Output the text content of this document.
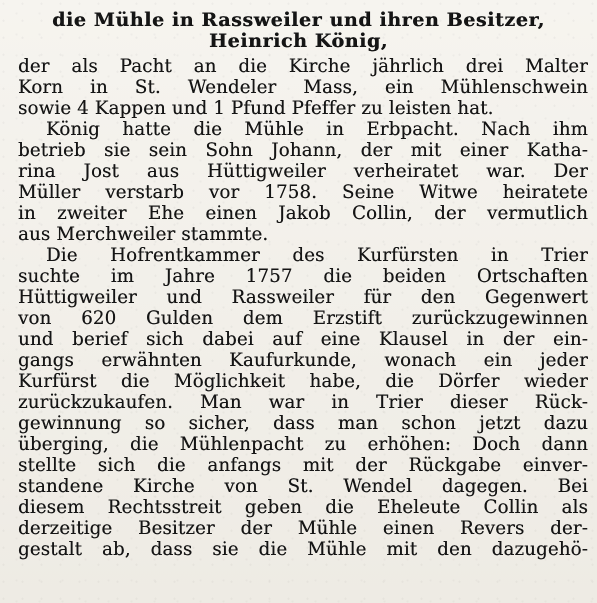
die Mühle in Rassweiler und ihren Besitzer,
Heinrich König,
der als Pacht an die Kirche jährlich drei Malter
Korn in St. Wendeler Mass, ein Mühlenschwein
sowie 4 Kappen und 1 Pfund Pfeffer zu leisten hat.
König hatte die Mühle in Erbpacht. Nach ihm
betrieb sie sein Sohn Johann, der mit einer Katha-
rina Jost aus Hüttigweiler verheiratet war. Der
Müller verstarb vor 1758. Seine Witwe heiratete
in zweiter Ehe einen Jakob Collin, der vermutlich
aus Merchweiler stammte.
Die Hofrentkammer des Kurfürsten in Trier
suchte im Jahre 1757 die beiden Ortschaften
Hüttigweiler und Rassweiler für den Gegenwert
von 620 Gulden dem Erzstift zurückzugewinnen
und berief sich dabei auf eine Klausel in der ein-
gangs erwähnten Kaufurkunde, wonach ein jeder
Kurfürst die Möglichkeit habe, die Dörfer wieder
zurückzukaufen. Man war in Trier dieser Rück-
gewinnung so sicher, dass man schon jetzt dazu
überging, die Mühlenpacht zu erhöhen: Doch dann
stellte sich die anfangs mit der Rückgabe einver-
standene Kirche von St. Wendel dagegen. Bei
diesem Rechtsstreit geben die Eheleute Collin als
derzeitige Besitzer der Mühle einen Revers der-
gestalt ab, dass sie die Mühle mit den dazugehö-
